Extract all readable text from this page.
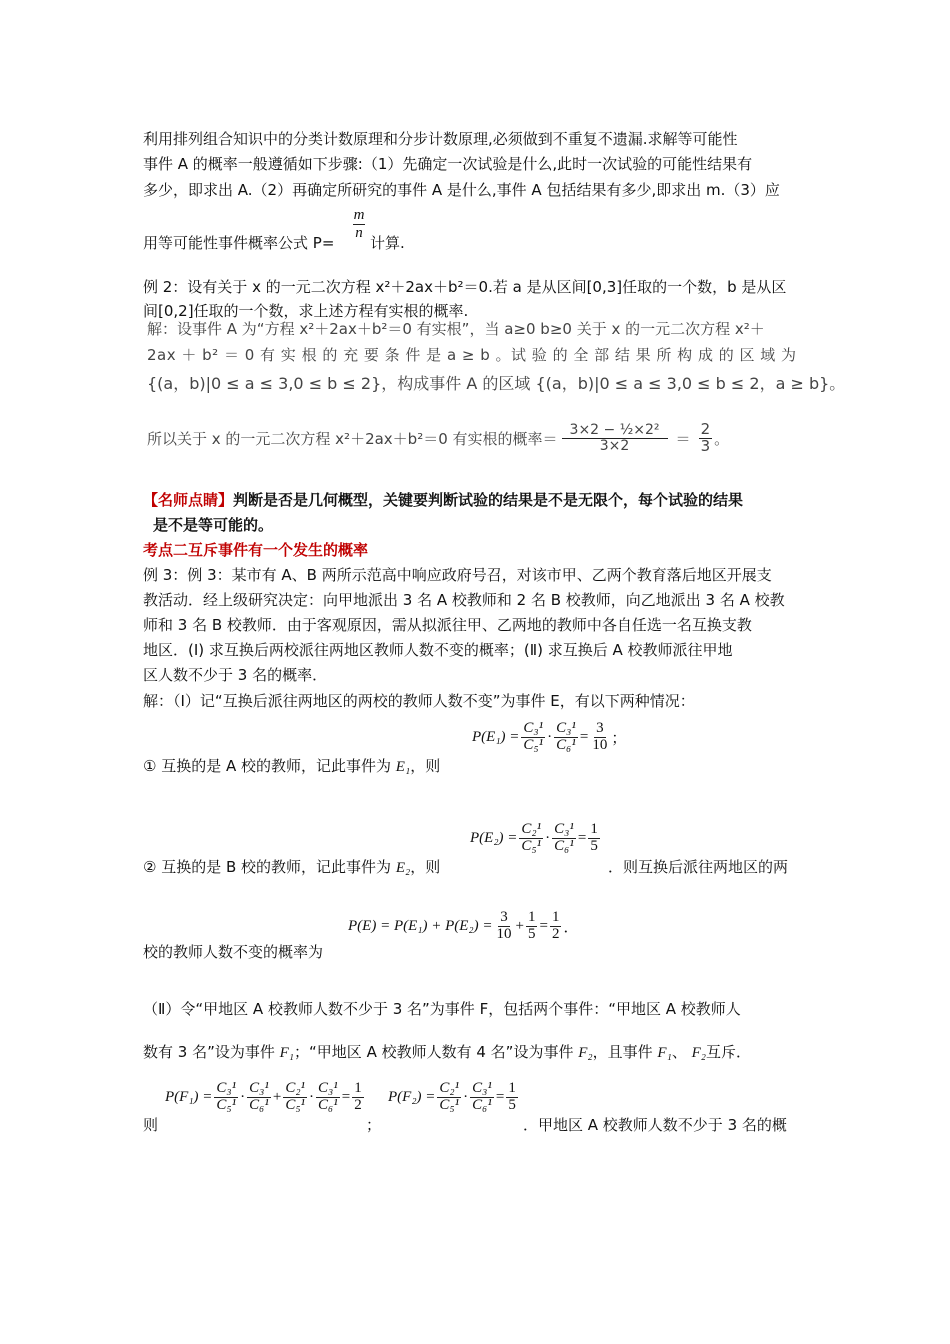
利用排列组合知识中的分类计数原理和分步计数原理,必须做到不重复不遗漏.求解等可能性
事件 A 的概率一般遵循如下步骤:（1）先确定一次试验是什么,此时一次试验的可能性结果有
多少，即求出 A.（2）再确定所研究的事件 A 是什么,事件 A 包括结果有多少,即求出 m.（3）应
m
n
用等可能性事件概率公式 P= 计算.
例 2：设有关于 x 的一元二次方程 x²＋2ax＋b²＝0.若 a 是从区间[0,3]任取的一个数，b 是从区
间[0,2]任取的一个数，求上述方程有实根的概率.
解：设事件 A 为“方程 x²＋2ax＋b²＝0 有实根”，当 a≥0 b≥0 关于 x 的一元二次方程 x²＋
2ax ＋ b² ＝ 0 有 实 根 的 充 要 条 件 是 a ≥ b 。试 验 的 全 部 结 果 所 构 成 的 区 域 为
{(a，b)|0 ≤ a ≤ 3,0 ≤ b ≤ 2}，构成事件 A 的区域 {(a，b)|0 ≤ a ≤ 3,0 ≤ b ≤ 2，a ≥ b}。
所以关于 x 的一元二次方程 x²＋2ax＋b²＝0 有实根的概率＝ $\frac{\text{3×2 − ½×2²}}{3\times 2} = \frac{2}{3}$ 。
【名师点睛】判断是否是几何概型，关键要判断试验的结果是不是无限个，每个试验的结果
是不是等可能的。
考点二互斥事件有一个发生的概率
例 3：例 3：某市有 A、B 两所示范高中响应政府号召，对该市甲、乙两个教育落后地区开展支
教活动．经上级研究决定：向甲地派出 3 名 A 校教师和 2 名 B 校教师，向乙地派出 3 名 A 校教
师和 3 名 B 校教师．由于客观原因，需从拟派往甲、乙两地的教师中各自任选一名互换支教
地区．(Ⅰ) 求互换后两校派往两地区教师人数不变的概率；(Ⅱ) 求互换后 A 校教师派往甲地
区人数不少于 3 名的概率．
解：（Ⅰ）记“互换后派往两地区的两校的教师人数不变”为事件 E，有以下两种情况：
① 互换的是 A 校的教师，记此事件为 E₁，则
$P(E_1) = \frac{\text{C₃¹}}{\text{C₅¹}} \cdot \frac{\text{C₃¹}}{\text{C₆¹}} = \frac{3}{10}$ ；
② 互换的是 B 校的教师，记此事件为 E₂，则
$P(E_2) = \frac{\text{C₂¹}}{\text{C₅¹}} \cdot \frac{\text{C₃¹}}{\text{C₆¹}} = \frac{1}{5}$
．则互换后派往两地区的两
校的教师人数不变的概率为
$P(E) = P(E_1) + P(E_2) = \frac{3}{10} + \frac{1}{5} = \frac{1}{2}$ ．
（Ⅱ）令“甲地区 A 校教师人数不少于 3 名”为事件 F，包括两个事件：“甲地区 A 校教师人
数有 3 名”设为事件 F₁；“甲地区 A 校教师人数有 4 名”设为事件 F₂，且事件 F₁、 F₂互斥．
则
$P(F_1) = \frac{\text{C₃¹}}{\text{C₅¹}} \cdot \frac{\text{C₃¹}}{\text{C₆¹}} + \frac{\text{C₂¹}}{\text{C₅¹}} \cdot \frac{\text{C₃¹}}{\text{C₆¹}} = \frac{1}{2}$
；
$P(F_2) = \frac{\text{C₂¹}}{\text{C₅¹}} \cdot \frac{\text{C₃¹}}{\text{C₆¹}} = \frac{1}{5}$
．甲地区 A 校教师人数不少于 3 名的概
